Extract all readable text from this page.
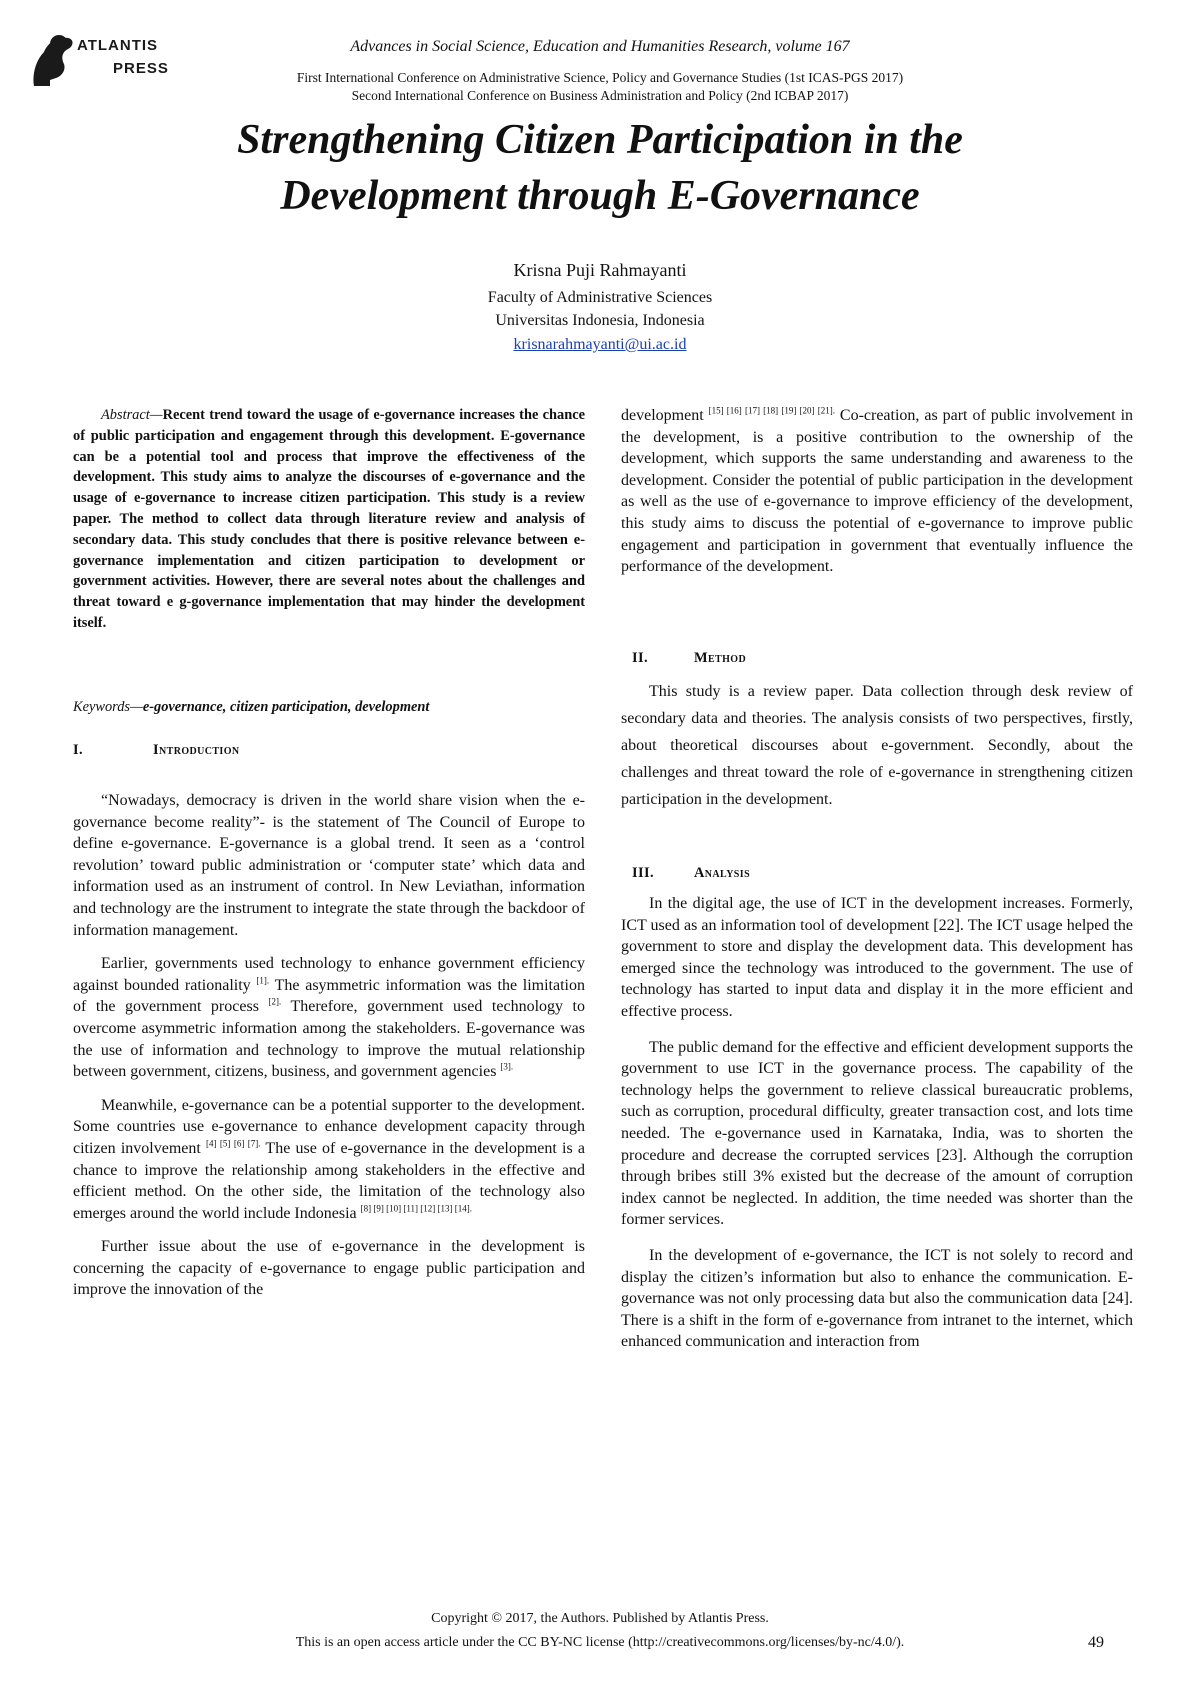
ATLANTIS
PRESS
Advances in Social Science, Education and Humanities Research, volume 167
First International Conference on Administrative Science, Policy and Governance Studies (1st ICAS-PGS 2017)
Second International Conference on Business Administration and Policy (2nd ICBAP 2017)
Strengthening Citizen Participation in the
Development through E-Governance
Krisna Puji Rahmayanti
Faculty of Administrative Sciences
Universitas Indonesia, Indonesia
krisnarahmayanti@ui.ac.id

Abstract—Recent trend toward the usage of e-governance increases the chance of public participation and engagement through this development. E-governance can be a potential tool and process that improve the effectiveness of the development. This study aims to analyze the discourses of e-governance and the usage of e-governance to increase citizen participation. This study is a review paper. The method to collect data through literature review and analysis of secondary data. This study concludes that there is positive relevance between e-governance implementation and citizen participation to development or government activities. However, there are several notes about the challenges and threat toward e g-governance implementation that may hinder the development itself.

Keywords—e-governance, citizen participation, development

I.	Introduction

“Nowadays, democracy is driven in the world share vision when the e-governance become reality”- is the statement of The Council of Europe to define e-governance. E-governance is a global trend. It seen as a ‘control revolution’ toward public administration or ‘computer state’ which data and information used as an instrument of control. In New Leviathan, information and technology are the instrument to integrate the state through the backdoor of information management.

Earlier, governments used technology to enhance government efficiency against bounded rationality $^{[1].}$ The asymmetric information was the limitation of the government process $^{[2].}$ Therefore, government used technology to overcome asymmetric information among the stakeholders. E-governance was the use of information and technology to improve the mutual relationship between government, citizens, business, and government agencies $^{[3].}$

Meanwhile, e-governance can be a potential supporter to the development. Some countries use e-governance to enhance development capacity through citizen involvement $^{[4] [5] [6] [7].}$ The use of e-governance in the development is a chance to improve the relationship among stakeholders in the effective and efficient method. On the other side, the limitation of the technology also emerges around the world include Indonesia $^{[8] [9] [10] [11] [12] [13] [14].}$

Further issue about the use of e-governance in the development is concerning the capacity of e-governance to engage public participation and improve the innovation of the

development $^{[15] [16] [17] [18] [19] [20] [21].}$ Co-creation, as part of public involvement in the development, is a positive contribution to the ownership of the development, which supports the same understanding and awareness to the development. Consider the potential of public participation in the development as well as the use of e-governance to improve efficiency of the development, this study aims to discuss the potential of e-governance to improve public engagement and participation in government that eventually influence the performance of the development.

II.	Method

This study is a review paper. Data collection through desk review of secondary data and theories. The analysis consists of two perspectives, firstly, about theoretical discourses about e-government. Secondly, about the challenges and threat toward the role of e-governance in strengthening citizen participation in the development.

III.	Analysis

In the digital age, the use of ICT in the development increases. Formerly, ICT used as an information tool of development [22]. The ICT usage helped the government to store and display the development data. This development has emerged since the technology was introduced to the government. The use of technology has started to input data and display it in the more efficient and effective process.

The public demand for the effective and efficient development supports the government to use ICT in the governance process. The capability of the technology helps the government to relieve classical bureaucratic problems, such as corruption, procedural difficulty, greater transaction cost, and lots time needed. The e-governance used in Karnataka, India, was to shorten the procedure and decrease the corrupted services [23]. Although the corruption through bribes still 3% existed but the decrease of the amount of corruption index cannot be neglected. In addition, the time needed was shorter than the former services.

In the development of e-governance, the ICT is not solely to record and display the citizen’s information but also to enhance the communication. E-governance was not only processing data but also the communication data [24]. There is a shift in the form of e-governance from intranet to the internet, which enhanced communication and interaction from

Copyright © 2017, the Authors. Published by Atlantis Press.
This is an open access article under the CC BY-NC license (http://creativecommons.org/licenses/by-nc/4.0/).	49
